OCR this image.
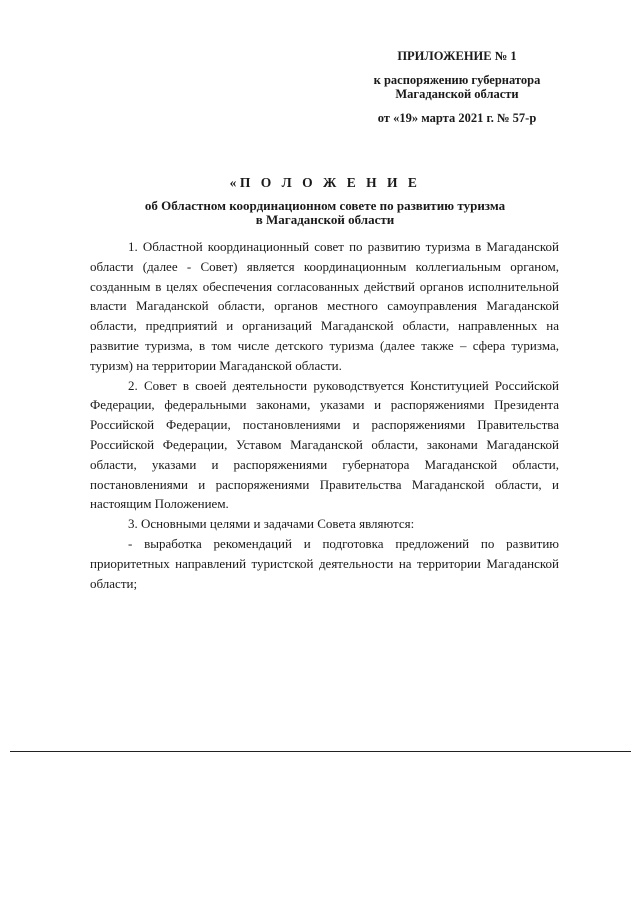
ПРИЛОЖЕНИЕ № 1
к распоряжению губернатора
Магаданской области
от «19» марта 2021 г. № 57-р
«П О Л О Ж Е Н И Е
об Областном координационном совете по развитию туризма
в Магаданской области

1. Областной координационный совет по развитию туризма в Магаданской области (далее - Совет) является координационным коллегиальным органом, созданным в целях обеспечения согласованных действий органов исполнительной власти Магаданской области, органов местного самоуправления Магаданской области, предприятий и организаций Магаданской области, направленных на развитие туризма, в том числе детского туризма (далее также – сфера туризма, туризм) на территории Магаданской области.

2. Совет в своей деятельности руководствуется Конституцией Российской Федерации, федеральными законами, указами и распоряжениями Президента Российской Федерации, постановлениями и распоряжениями Правительства Российской Федерации, Уставом Магаданской области, законами Магаданской области, указами и распоряжениями губернатора Магаданской области, постановлениями и распоряжениями Правительства Магаданской области, и настоящим Положением.

3. Основными целями и задачами Совета являются:

- выработка рекомендаций и подготовка предложений по развитию приоритетных направлений туристской деятельности на территории Магаданской области;
